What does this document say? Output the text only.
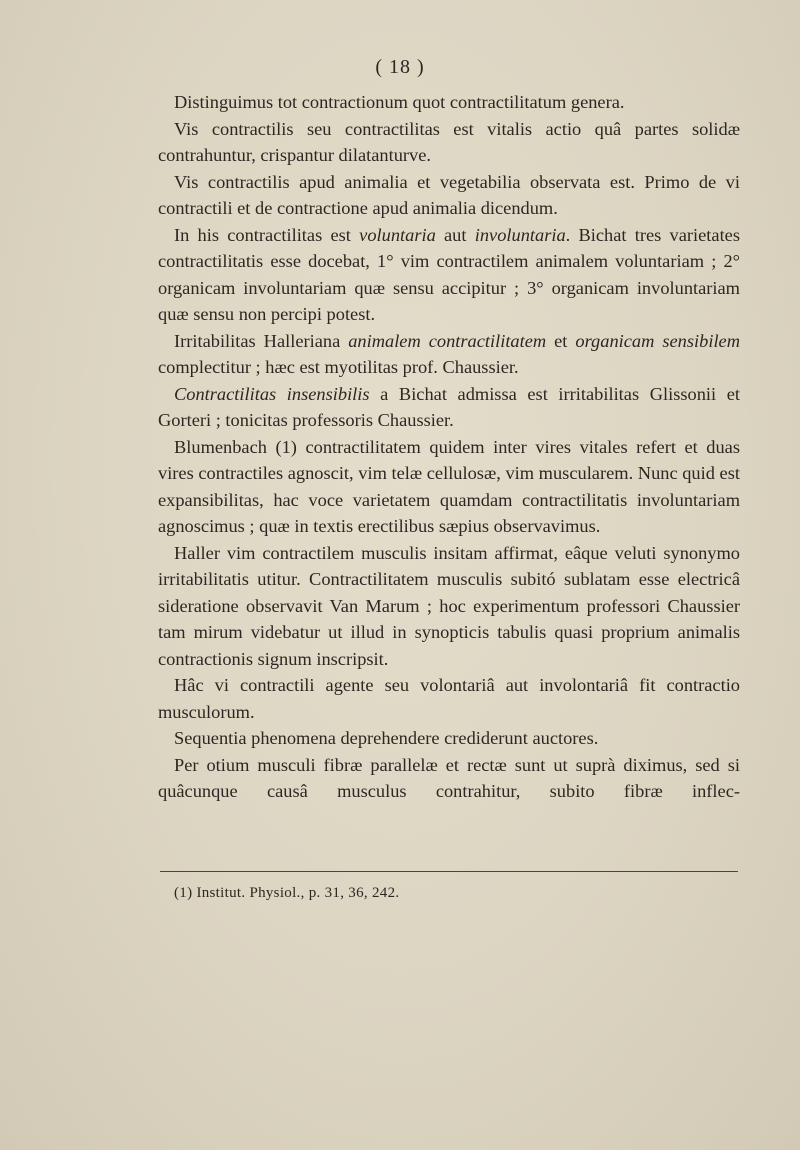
( 18 )

Distinguimus tot contractionum quot contractilitatum genera.

Vis contractilis seu contractilitas est vitalis actio quâ partes solidæ contrahuntur, crispantur dilatanturve.

Vis contractilis apud animalia et vegetabilia observata est. Primo de vi contractili et de contractione apud animalia dicendum.

In his contractilitas est voluntaria aut involuntaria. Bichat tres varietates contractilitatis esse docebat, 1° vim contractilem animalem voluntariam ; 2° organicam involuntariam quæ sensu accipitur ; 3° organicam involuntariam quæ sensu non percipi potest.

Irritabilitas Halleriana animalem contractilitatem et organicam sensibilem complectitur ; hæc est myotilitas prof. Chaussier.

Contractilitas insensibilis a Bichat admissa est irritabilitas Glissonii et Gorteri ; tonicitas professoris Chaussier.

Blumenbach (1) contractilitatem quidem inter vires vitales refert et duas vires contractiles agnoscit, vim telæ cellulosæ, vim muscularem. Nunc quid est expansibilitas, hac voce varietatem quamdam contractilitatis involuntariam agnoscimus ; quæ in textis erectilibus sæpius observavimus.

Haller vim contractilem musculis insitam affirmat, eâque veluti synonymo irritabilitatis utitur. Contractilitatem musculis subitó sublatam esse electricâ sideratione observavit Van Marum ; hoc experimentum professori Chaussier tam mirum videbatur ut illud in synopticis tabulis quasi proprium animalis contractionis signum inscripsit.

Hâc vi contractili agente seu volontariâ aut involontariâ fit contractio musculorum.

Sequentia phenomena deprehendere crediderunt auctores.

Per otium musculi fibræ parallelæ et rectæ sunt ut suprà diximus, sed si quâcunque causâ musculus contrahitur, subito fibræ inflec-

(1) Institut. Physiol., p. 31, 36, 242.
